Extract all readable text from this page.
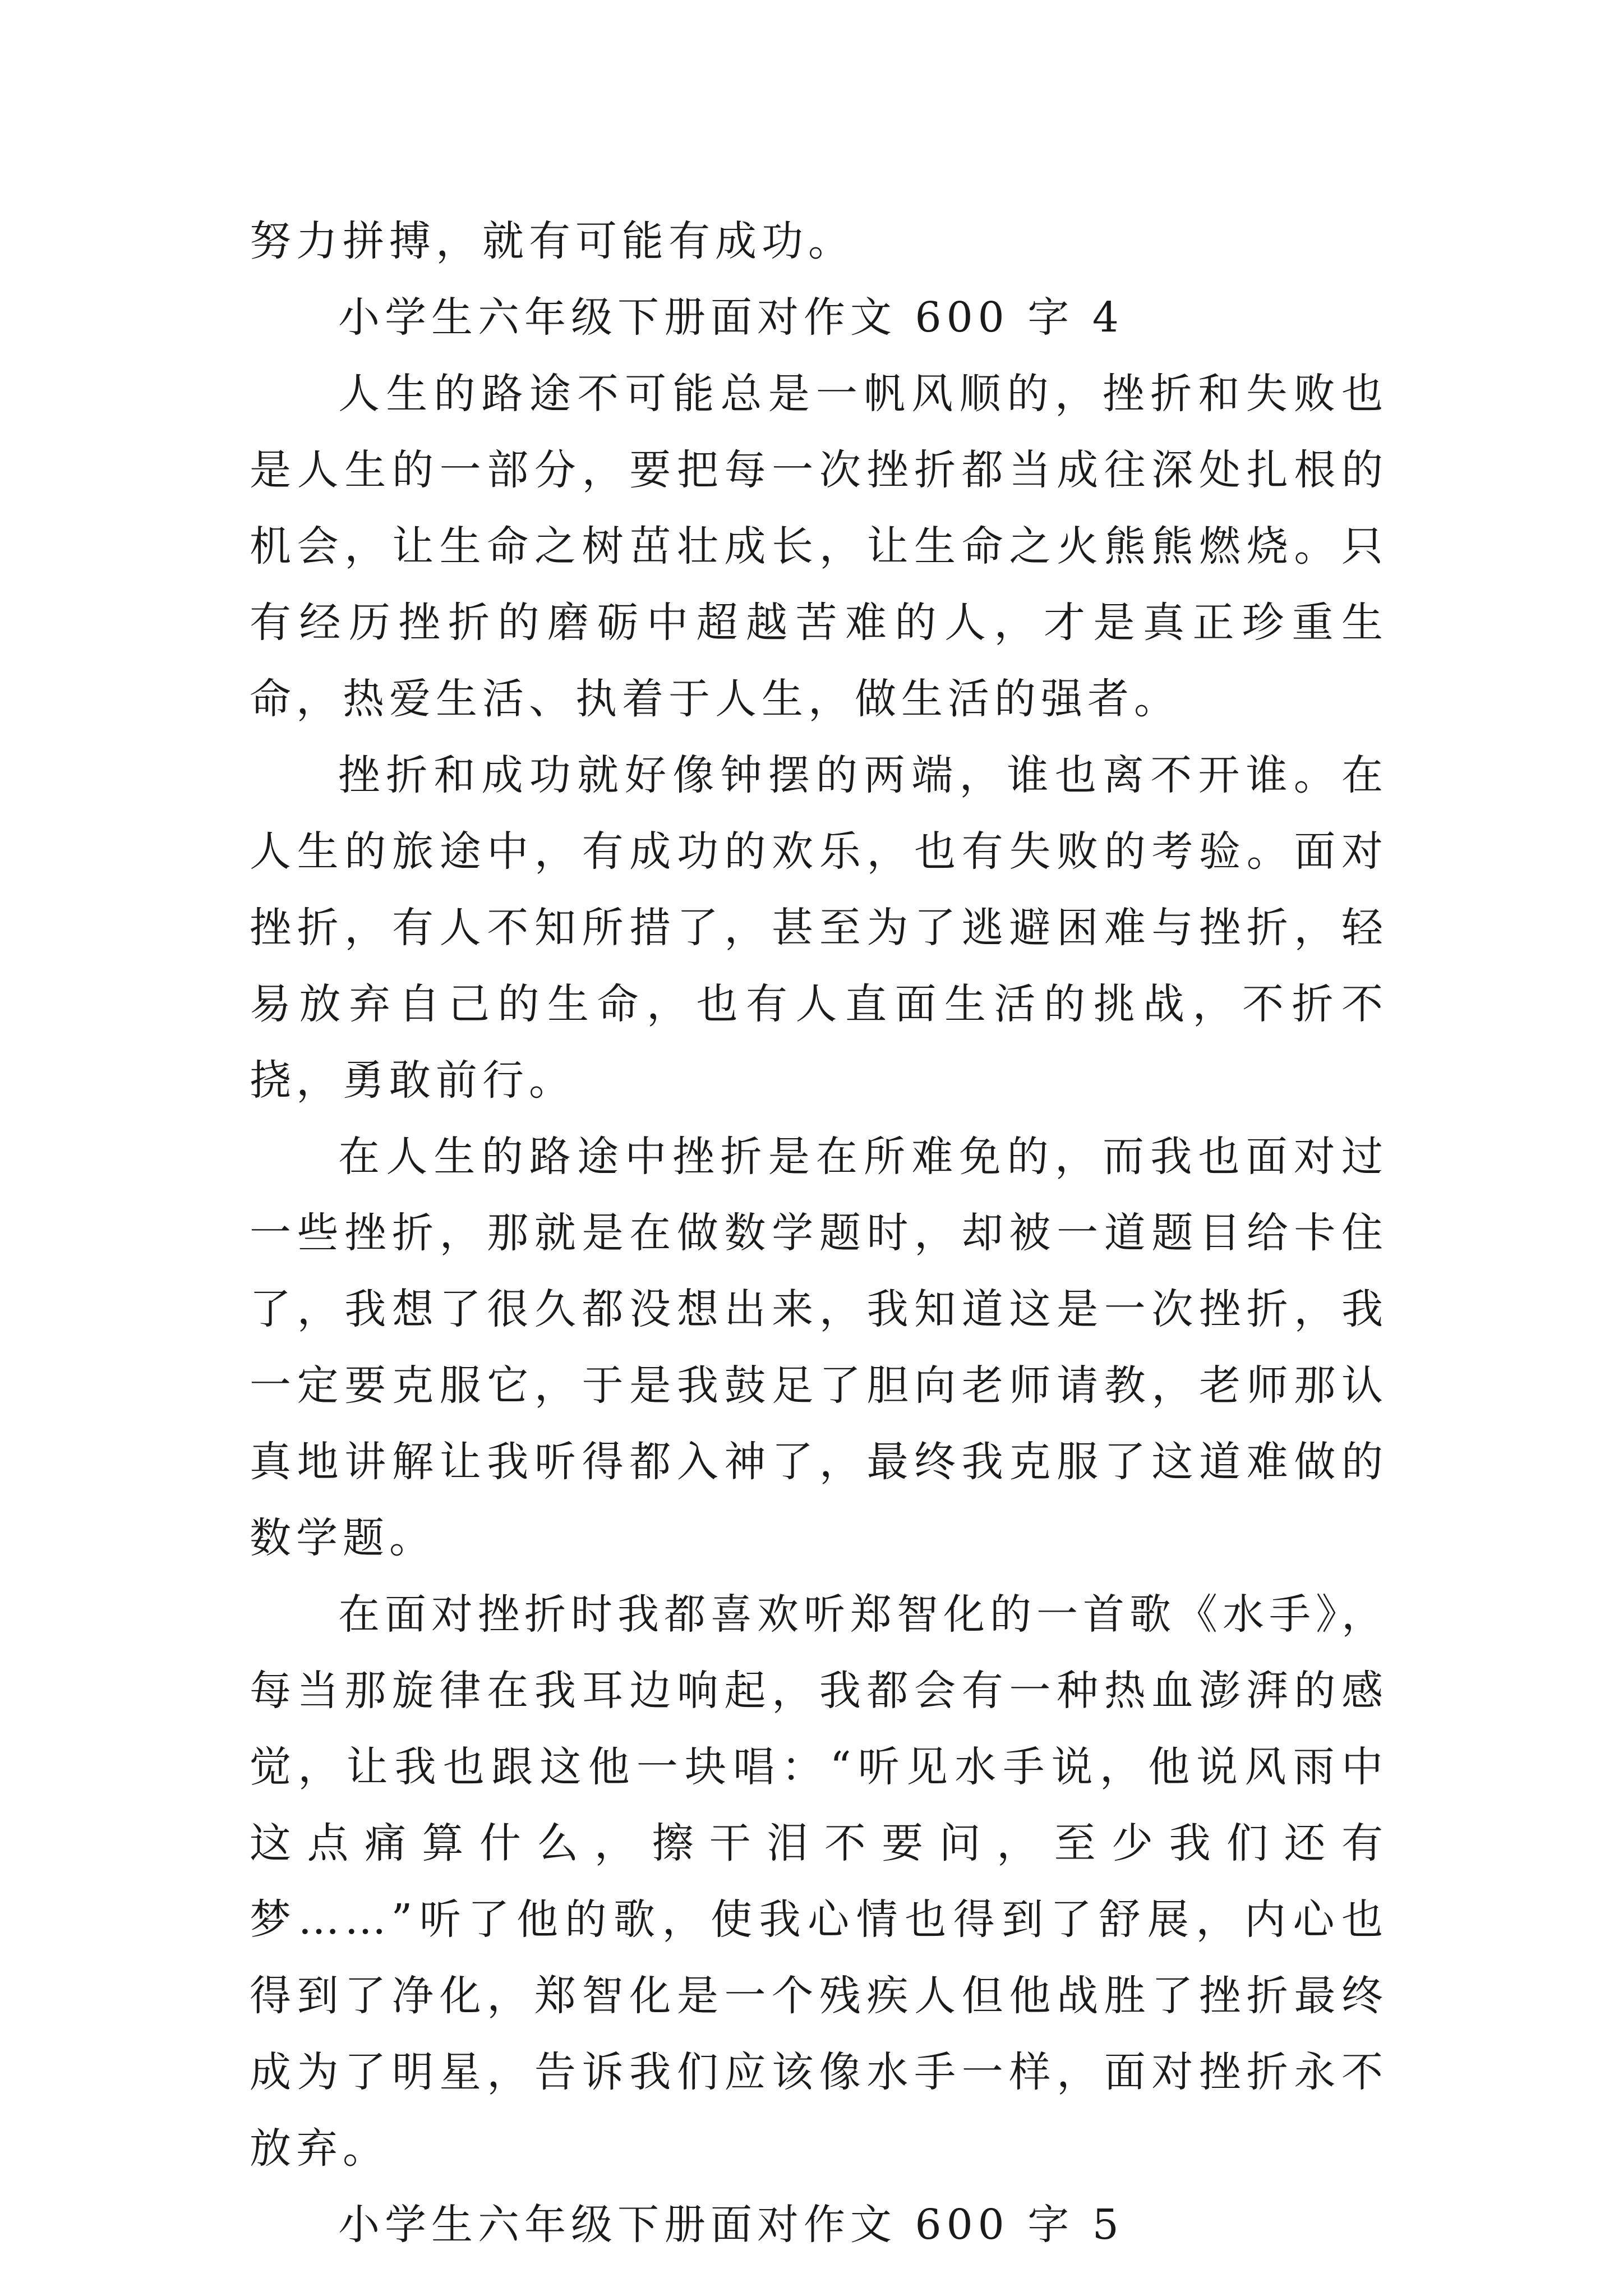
努力拼搏，就有可能有成功。

小学生六年级下册面对作文 600 字 4

人生的路途不可能总是一帆风顺的，挫折和失败也是人生的一部分，要把每一次挫折都当成往深处扎根的机会，让生命之树茁壮成长，让生命之火熊熊燃烧。只有经历挫折的磨砺中超越苦难的人，才是真正珍重生命，热爱生活、执着于人生，做生活的强者。

挫折和成功就好像钟摆的两端，谁也离不开谁。在人生的旅途中，有成功的欢乐，也有失败的考验。面对挫折，有人不知所措了，甚至为了逃避困难与挫折，轻易放弃自己的生命，也有人直面生活的挑战，不折不挠，勇敢前行。

在人生的路途中挫折是在所难免的，而我也面对过一些挫折，那就是在做数学题时，却被一道题目给卡住了，我想了很久都没想出来，我知道这是一次挫折，我一定要克服它，于是我鼓足了胆向老师请教，老师那认真地讲解让我听得都入神了，最终我克服了这道难做的数学题。

在面对挫折时我都喜欢听郑智化的一首歌《水手》，每当那旋律在我耳边响起，我都会有一种热血澎湃的感觉，让我也跟这他一块唱：“听见水手说，他说风雨中这点痛算什么，擦干泪不要问，至少我们还有梦……”听了他的歌，使我心情也得到了舒展，内心也得到了净化，郑智化是一个残疾人但他战胜了挫折最终成为了明星，告诉我们应该像水手一样，面对挫折永不放弃。

小学生六年级下册面对作文 600 字 5
